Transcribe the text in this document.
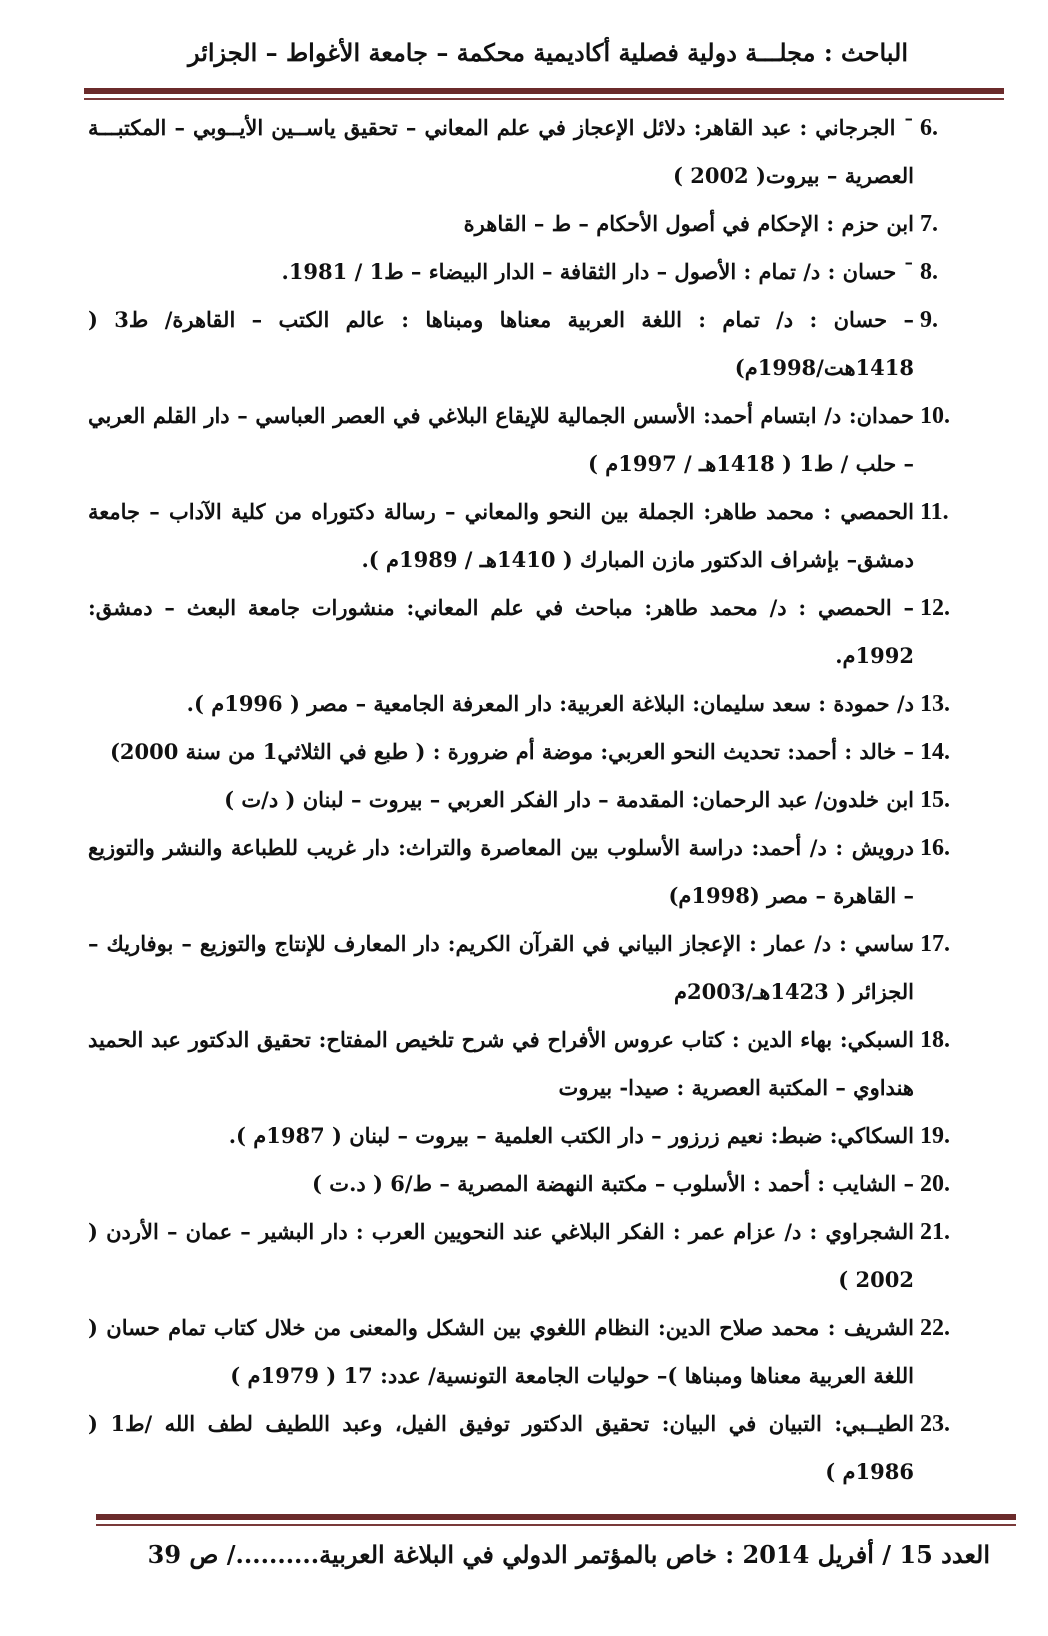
الباحث : مجلـــة دولية فصلية أكاديمية محكمة – جامعة الأغواط – الجزائر
6.
¯ الجرجاني : عبد القاهر: دلائل الإعجاز في علم المعاني – تحقيق ياســين الأيــوبي – المكتبـــة العصرية – بيروت( 2002 )
7.
ابن حزم : الإحكام في أصول الأحكام – ط – القاهرة
8.
¯ حسان : د/ تمام : الأصول – دار الثقافة – الدار البيضاء – ط1 / 1981.
9.
– حسان : د/ تمام : اللغة العربية معناها ومبناها : عالم الكتب – القاهرة/ ط3 ( 1418هت/1998م)
10.
حمدان: د/ ابتسام أحمد: الأسس الجمالية للإيقاع البلاغي في العصر العباسي – دار القلم العربي – حلب / ط1 ( 1418هـ / 1997م )
11.
الحمصي : محمد طاهر: الجملة بين النحو والمعاني – رسالة دكتوراه من كلية الآداب – جامعة دمشق– بإشراف الدكتور مازن المبارك ( 1410هـ / 1989م ).
12.
– الحمصي : د/ محمد طاهر: مباحث في علم المعاني: منشورات جامعة البعث – دمشق: 1992م.
13.
د/ حمودة : سعد سليمان: البلاغة العربية: دار المعرفة الجامعية – مصر ( 1996م ).
14.
– خالد : أحمد: تحديث النحو العربي: موضة أم ضرورة : ( طبع في الثلاثي1 من سنة 2000)
15.
ابن خلدون/ عبد الرحمان: المقدمة – دار الفكر العربي – بيروت – لبنان ( د/ت )
16.
درويش : د/ أحمد: دراسة الأسلوب بين المعاصرة والتراث: دار غريب للطباعة والنشر والتوزيع – القاهرة – مصر (1998م)
17.
ساسي : د/ عمار : الإعجاز البياني في القرآن الكريم: دار المعارف للإنتاج والتوزيع – بوفاريك – الجزائر ( 1423هـ/2003م
18.
السبكي: بهاء الدين : كتاب عروس الأفراح في شرح تلخيص المفتاح: تحقيق الدكتور عبد الحميد هنداوي – المكتبة العصرية : صيدا- بيروت
19.
السكاكي: ضبط: نعيم زرزور – دار الكتب العلمية – بيروت – لبنان ( 1987م ).
20.
– الشايب : أحمد : الأسلوب – مكتبة النهضة المصرية – ط/6 ( د.ت )
21.
الشجراوي : د/ عزام عمر : الفكر البلاغي عند النحويين العرب : دار البشير – عمان – الأردن ( 2002 )
22.
الشريف : محمد صلاح الدين: النظام اللغوي بين الشكل والمعنى من خلال كتاب تمام حسان ( اللغة العربية معناها ومبناها )– حوليات الجامعة التونسية/ عدد: 17 ( 1979م )
23.
الطيــبي: التبيان في البيان: تحقيق الدكتور توفيق الفيل، وعبد اللطيف لطف الله /ط1 ( 1986م )
العدد 15 / أفريل 2014 : خاص بالمؤتمر الدولي في البلاغة العربية........../ ص 39
